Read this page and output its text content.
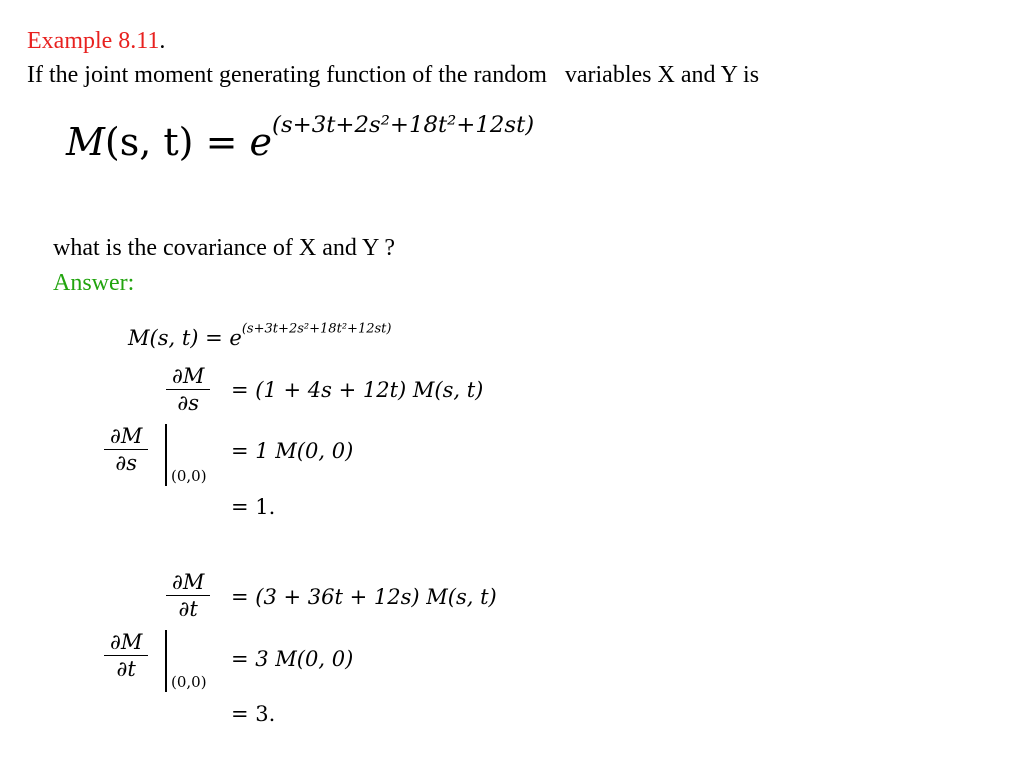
Example 8.11.
If the joint moment generating function of the random variables X and Y is
M(s, $t) = e^{(s+3t+2s^2+18t^2+12st)}$
what is the covariance of X and Y ?
Answer:
M(s, $t) = e^{(s+3t+2s^2+18t^2+12st)}$
$\frac{\partial M}{\partial s} = (1 + 4s + 12t)$ M(s, t)
$\frac{\partial M}{\partial s}$
(0,0)
= 1 M(0, 0)
= 1.
$\frac{\partial M}{\partial t} = (3 + 36t + 12s)$ M(s, t)
$\frac{\partial M}{\partial t}$
(0,0)
= 3 M(0, 0)
= 3.
